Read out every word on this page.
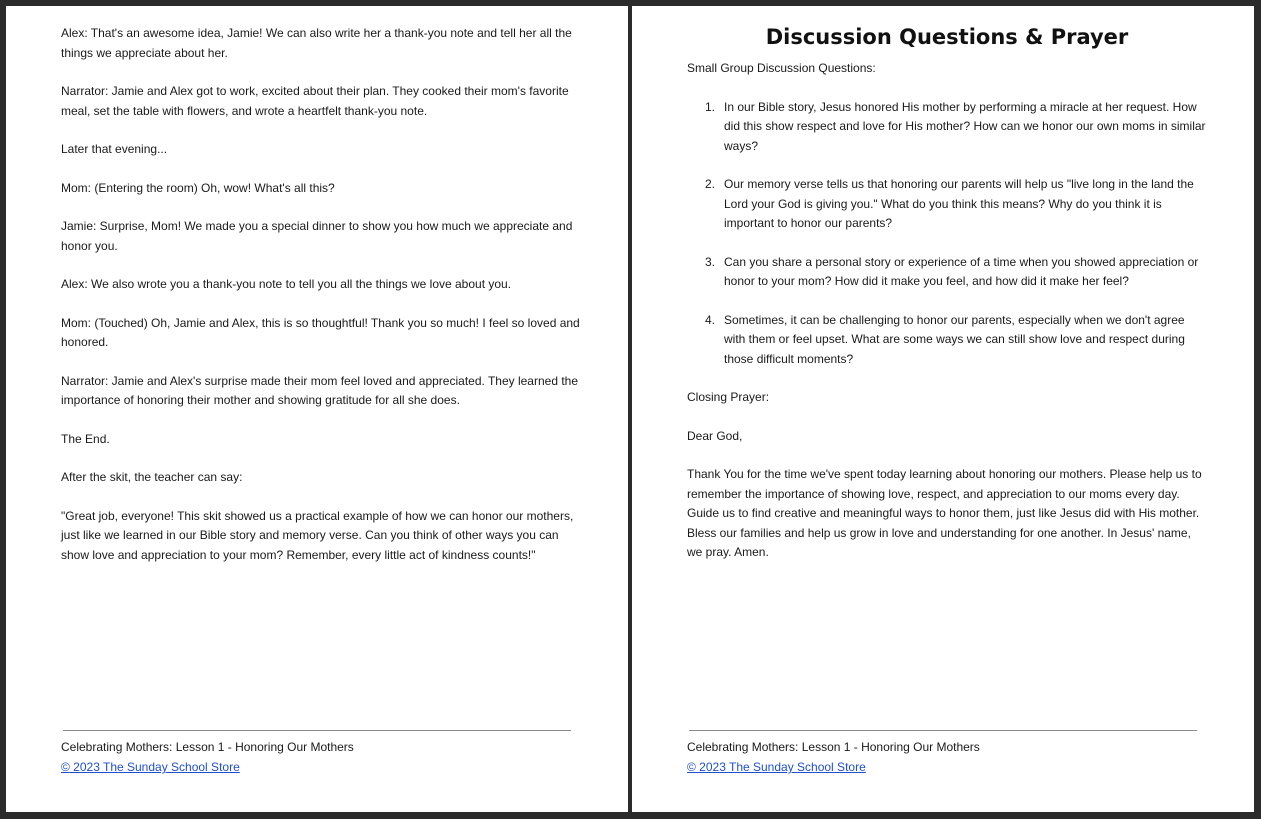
Alex: That's an awesome idea, Jamie! We can also write her a thank-you note and tell her all the things we appreciate about her.

Narrator: Jamie and Alex got to work, excited about their plan. They cooked their mom's favorite meal, set the table with flowers, and wrote a heartfelt thank-you note.

Later that evening...

Mom: (Entering the room) Oh, wow! What's all this?

Jamie: Surprise, Mom! We made you a special dinner to show you how much we appreciate and honor you.

Alex: We also wrote you a thank-you note to tell you all the things we love about you.

Mom: (Touched) Oh, Jamie and Alex, this is so thoughtful! Thank you so much! I feel so loved and honored.

Narrator: Jamie and Alex's surprise made their mom feel loved and appreciated. They learned the importance of honoring their mother and showing gratitude for all she does.

The End.

After the skit, the teacher can say:

"Great job, everyone! This skit showed us a practical example of how we can honor our mothers, just like we learned in our Bible story and memory verse. Can you think of other ways you can show love and appreciation to your mom? Remember, every little act of kindness counts!"

Celebrating Mothers: Lesson 1 - Honoring Our Mothers
© 2023 The Sunday School Store
Discussion Questions & Prayer

Small Group Discussion Questions:

1. In our Bible story, Jesus honored His mother by performing a miracle at her request. How did this show respect and love for His mother? How can we honor our own moms in similar ways?
2. Our memory verse tells us that honoring our parents will help us "live long in the land the Lord your God is giving you." What do you think this means? Why do you think it is important to honor our parents?
3. Can you share a personal story or experience of a time when you showed appreciation or honor to your mom? How did it make you feel, and how did it make her feel?
4. Sometimes, it can be challenging to honor our parents, especially when we don't agree with them or feel upset. What are some ways we can still show love and respect during those difficult moments?

Closing Prayer:

Dear God,

Thank You for the time we've spent today learning about honoring our mothers. Please help us to remember the importance of showing love, respect, and appreciation to our moms every day. Guide us to find creative and meaningful ways to honor them, just like Jesus did with His mother. Bless our families and help us grow in love and understanding for one another. In Jesus' name, we pray. Amen.

Celebrating Mothers: Lesson 1 - Honoring Our Mothers
© 2023 The Sunday School Store
